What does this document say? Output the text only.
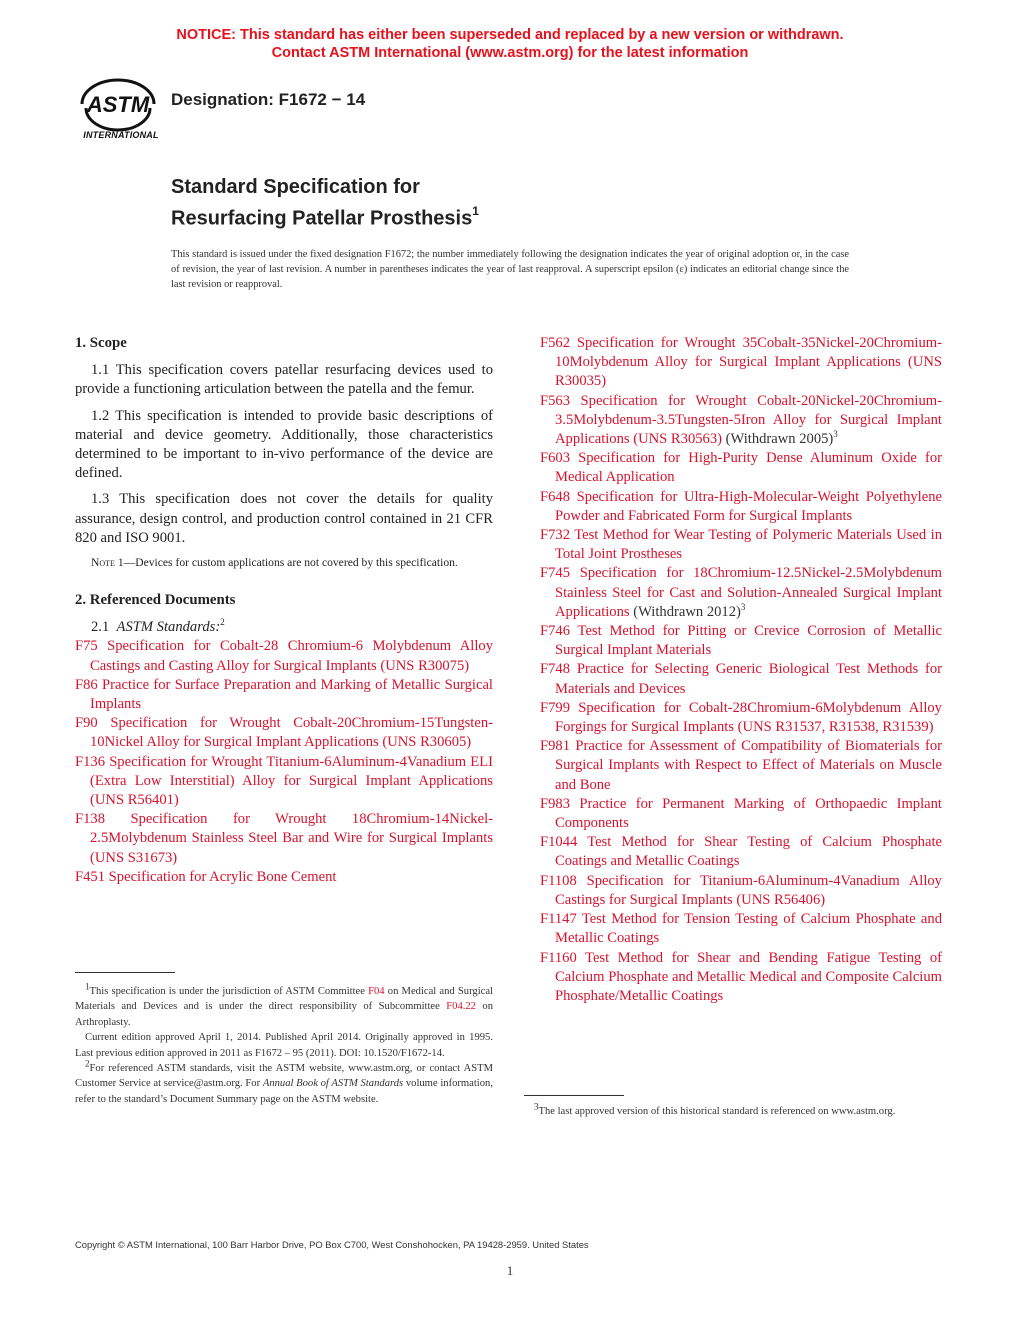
NOTICE: This standard has either been superseded and replaced by a new version or withdrawn.
Contact ASTM International (www.astm.org) for the latest information
ASTM
INTERNATIONAL
Designation: F1672 − 14
Standard Specification for
Resurfacing Patellar Prosthesis$^1$
This standard is issued under the fixed designation F1672; the number immediately following the designation indicates the year of original adoption or, in the case of revision, the year of last revision. A number in parentheses indicates the year of last reapproval. A superscript epsilon (ε) indicates an editorial change since the last revision or reapproval.
1. Scope

1.1 This specification covers patellar resurfacing devices used to provide a functioning articulation between the patella and the femur.

1.2 This specification is intended to provide basic descriptions of material and device geometry. Additionally, those characteristics determined to be important to in-vivo performance of the device are defined.

1.3 This specification does not cover the details for quality assurance, design control, and production control contained in 21 CFR 820 and ISO 9001.

Note 1—Devices for custom applications are not covered by this specification.

2. Referenced Documents

2.1 ASTM Standards:$^2$

F75 Specification for Cobalt-28 Chromium-6 Molybdenum Alloy Castings and Casting Alloy for Surgical Implants (UNS R30075)

F86 Practice for Surface Preparation and Marking of Metallic Surgical Implants

F90 Specification for Wrought Cobalt-20Chromium-15Tungsten-10Nickel Alloy for Surgical Implant Applications (UNS R30605)

F136 Specification for Wrought Titanium-6Aluminum-4Vanadium ELI (Extra Low Interstitial) Alloy for Surgical Implant Applications (UNS R56401)

F138 Specification for Wrought 18Chromium-14Nickel-2.5Molybdenum Stainless Steel Bar and Wire for Surgical Implants (UNS S31673)

F451 Specification for Acrylic Bone Cement

F562 Specification for Wrought 35Cobalt-35Nickel-20Chromium-10Molybdenum Alloy for Surgical Implant Applications (UNS R30035)

F563 Specification for Wrought Cobalt-20Nickel-20Chromium-3.5Molybdenum-3.5Tungsten-5Iron Alloy for Surgical Implant Applications (UNS R30563) (Withdrawn 2005)$^3$

F603 Specification for High-Purity Dense Aluminum Oxide for Medical Application

F648 Specification for Ultra-High-Molecular-Weight Polyethylene Powder and Fabricated Form for Surgical Implants

F732 Test Method for Wear Testing of Polymeric Materials Used in Total Joint Prostheses

F745 Specification for 18Chromium-12.5Nickel-2.5Molybdenum Stainless Steel for Cast and Solution-Annealed Surgical Implant Applications (Withdrawn 2012)$^3$

F746 Test Method for Pitting or Crevice Corrosion of Metallic Surgical Implant Materials

F748 Practice for Selecting Generic Biological Test Methods for Materials and Devices

F799 Specification for Cobalt-28Chromium-6Molybdenum Alloy Forgings for Surgical Implants (UNS R31537, R31538, R31539)

F981 Practice for Assessment of Compatibility of Biomaterials for Surgical Implants with Respect to Effect of Materials on Muscle and Bone

F983 Practice for Permanent Marking of Orthopaedic Implant Components

F1044 Test Method for Shear Testing of Calcium Phosphate Coatings and Metallic Coatings

F1108 Specification for Titanium-6Aluminum-4Vanadium Alloy Castings for Surgical Implants (UNS R56406)

F1147 Test Method for Tension Testing of Calcium Phosphate and Metallic Coatings

F1160 Test Method for Shear and Bending Fatigue Testing of Calcium Phosphate and Metallic Medical and Composite Calcium Phosphate/Metallic Coatings

$^1$This specification is under the jurisdiction of ASTM Committee F04 on Medical and Surgical Materials and Devices and is under the direct responsibility of Subcommittee F04.22 on Arthroplasty.

Current edition approved April 1, 2014. Published April 2014. Originally approved in 1995. Last previous edition approved in 2011 as F1672 – 95 (2011). DOI: 10.1520/F1672-14.

$^2$For referenced ASTM standards, visit the ASTM website, www.astm.org, or contact ASTM Customer Service at service@astm.org. For Annual Book of ASTM Standards volume information, refer to the standard’s Document Summary page on the ASTM website.

$^3$The last approved version of this historical standard is referenced on www.astm.org.

Copyright © ASTM International, 100 Barr Harbor Drive, PO Box C700, West Conshohocken, PA 19428-2959. United States
1
